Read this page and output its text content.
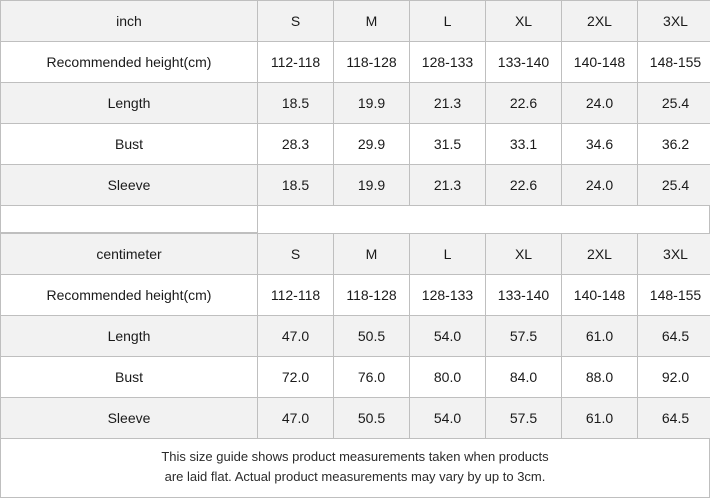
inch	S	M	L	XL	2XL	3XL
Recommended height(cm)	112-118	118-128	128-133	133-140	140-148	148-155
Length	18.5	19.9	21.3	22.6	24.0	25.4
Bust	28.3	29.9	31.5	33.1	34.6	36.2
Sleeve	18.5	19.9	21.3	22.6	24.0	25.4
centimeter	S	M	L	XL	2XL	3XL
Recommended height(cm)	112-118	118-128	128-133	133-140	140-148	148-155
Length	47.0	50.5	54.0	57.5	61.0	64.5
Bust	72.0	76.0	80.0	84.0	88.0	92.0
Sleeve	47.0	50.5	54.0	57.5	61.0	64.5
This size guide shows product measurements taken when products
are laid flat. Actual product measurements may vary by up to 3cm.
